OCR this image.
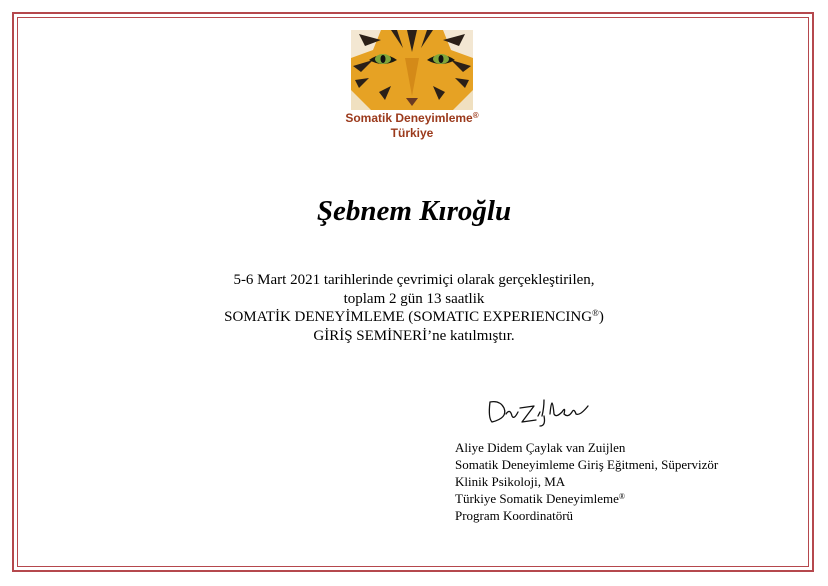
Somatik Deneyimleme®
Türkiye
Şebnem Kıroğlu
5-6 Mart 2021 tarihlerinde çevrimiçi olarak gerçekleştirilen,
toplam 2 gün 13 saatlik
SOMATİK DENEYİMLEME (SOMATIC EXPERIENCING®)
GİRİŞ SEMİNERİ’ne katılmıştır.
Aliye Didem Çaylak van Zuijlen
Somatik Deneyimleme Giriş Eğitmeni, Süpervizör
Klinik Psikoloji, MA
Türkiye Somatik Deneyimleme®
Program Koordinatörü
